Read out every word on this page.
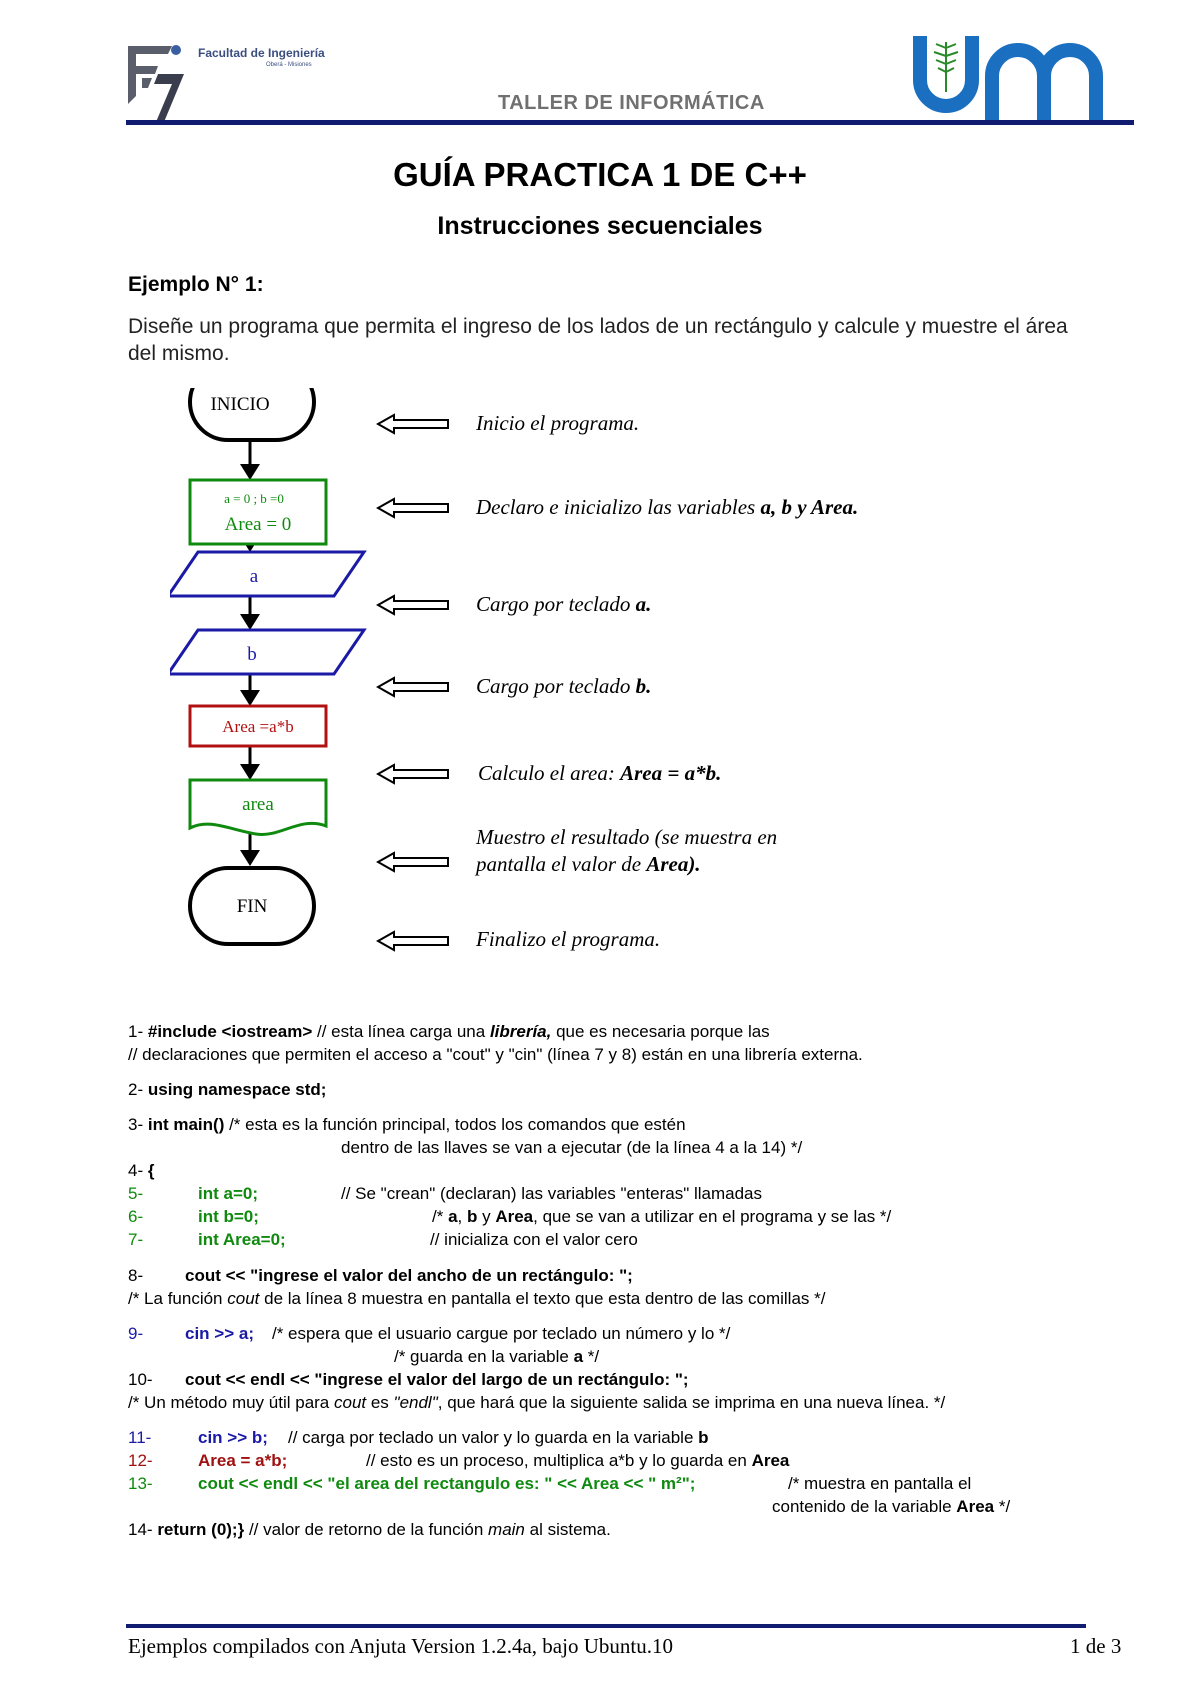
Facultad de Ingeniería
Oberá - Misiones
TALLER DE INFORMÁTICA
GUÍA PRACTICA 1 DE C++
Instrucciones secuenciales
Ejemplo N° 1:
Diseñe un programa que permita el ingreso de los lados de un rectángulo y calcule y muestre el área del mismo.
INICIO
a = 0 ; b =0
Area = 0
a
b
Area =a*b
area
FIN
Inicio el programa.
Declaro e inicializo las variables a, b y Area.
Cargo por teclado a.
Cargo por teclado b.
Calculo el area: Area = a*b.
Muestro el resultado (se muestra en
pantalla el valor de Area).
Finalizo el programa.
1- #include <iostream> // esta línea carga una librería, que es necesaria porque las
// declaraciones que permiten el acceso a "cout" y "cin" (línea 7 y 8) están en una librería externa.
2- using namespace std;
3- int main() /* esta es la función principal, todos los comandos que estén
dentro de las llaves se van a ejecutar (de la línea 4 a la 14) */
4- {
5-	int a=0;	// Se "crean" (declaran) las variables "enteras" llamadas
6-	int b=0;	/* a, b y Area, que se van a utilizar en el programa y se las */
7-	int Area=0;	// inicializa con el valor cero
8- cout << "ingrese el valor del ancho de un rectángulo: ";
/* La función cout de la línea 8 muestra en pantalla el texto que esta dentro de las comillas */
9- cin >> a; /* espera que el usuario cargue por teclado un número y lo */
/* guarda en la variable a */
10- cout << endl << "ingrese el valor del largo de un rectángulo: ";
/* Un método muy útil para cout es "endl", que hará que la siguiente salida se imprima en una nueva línea. */
11-	cin >> b; // carga por teclado un valor y lo guarda en la variable b
12-	Area = a*b;	// esto es un proceso, multiplica a*b y lo guarda en Area
13-	cout << endl << "el area del rectangulo es: " << Area << " m²";	/* muestra en pantalla el
contenido de la variable Area */
14- return (0);} // valor de retorno de la función main al sistema.
Ejemplos compilados con Anjuta Version 1.2.4a, bajo Ubuntu.10	1 de 3
